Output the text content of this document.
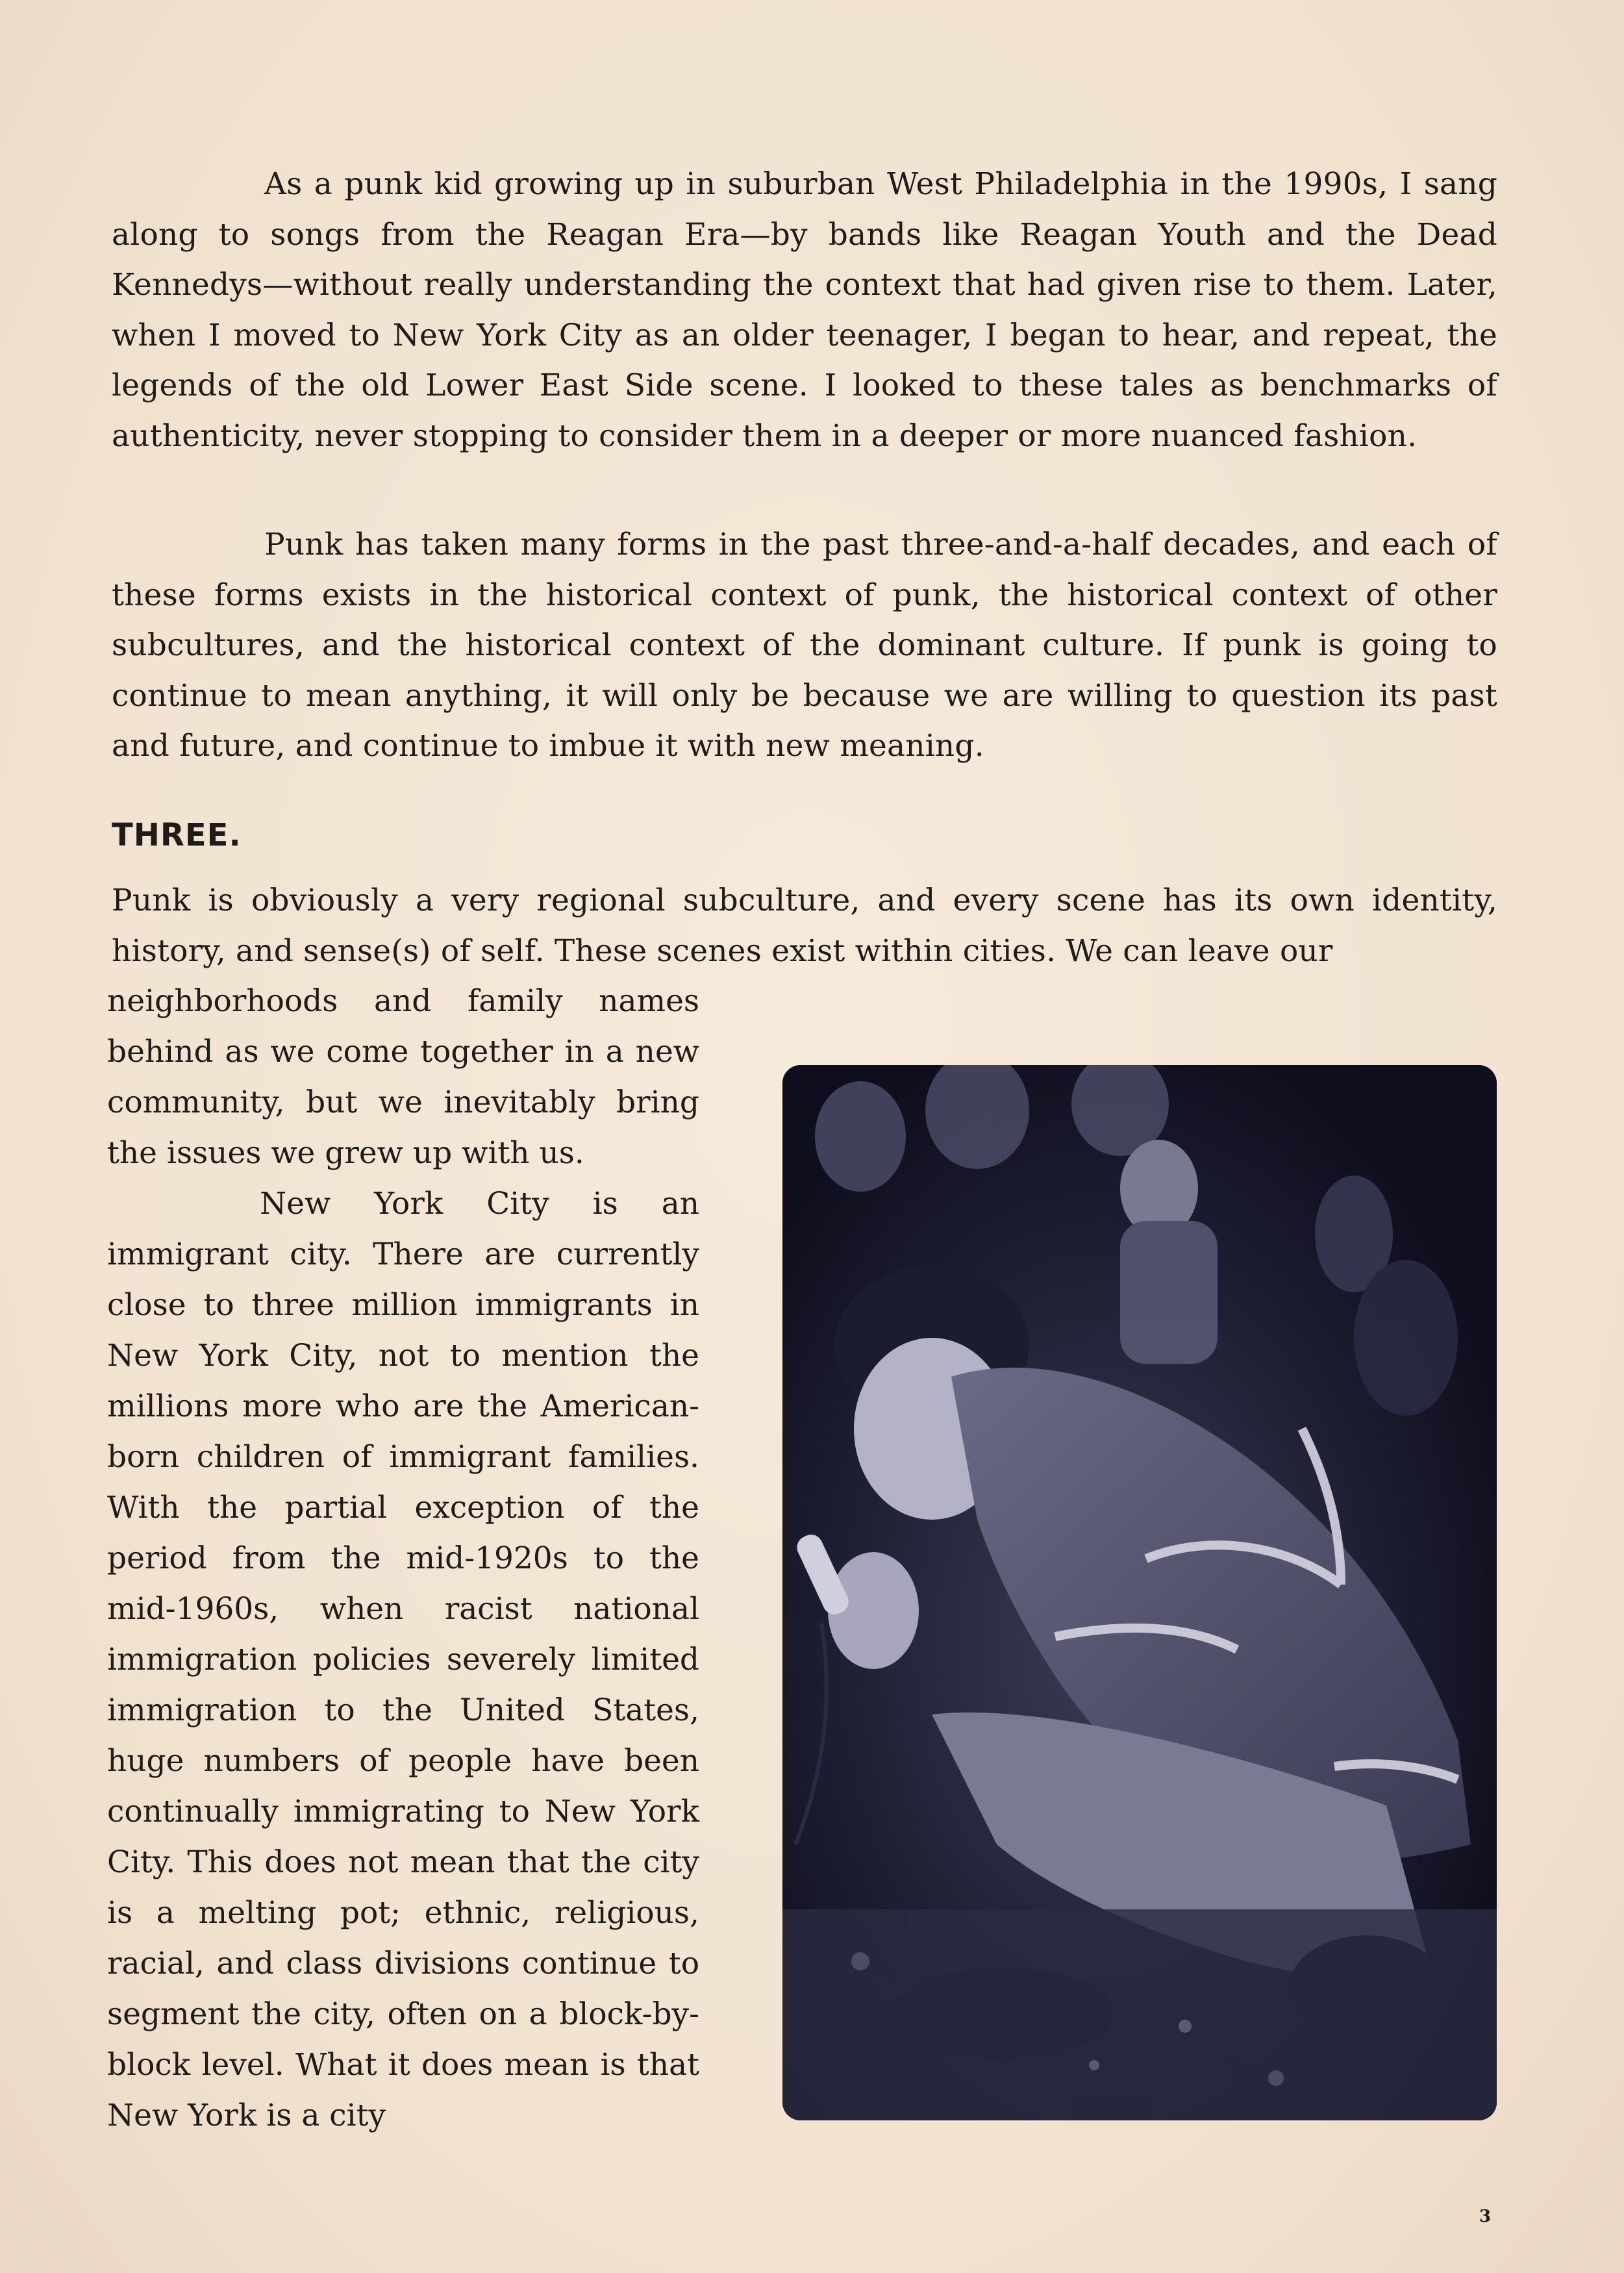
As a punk kid growing up in suburban West Philadelphia in the 1990s, I sang along to songs from the Reagan Era—by bands like Reagan Youth and the Dead Kennedys—without really understanding the context that had given rise to them. Later, when I moved to New York City as an older teenager, I began to hear, and repeat, the legends of the old Lower East Side scene. I looked to these tales as benchmarks of authenticity, never stopping to consider them in a deeper or more nuanced fashion.

Punk has taken many forms in the past three-and-a-half decades, and each of these forms exists in the historical context of punk, the historical context of other subcultures, and the historical context of the dominant culture. If punk is going to continue to mean anything, it will only be because we are willing to question its past and future, and continue to imbue it with new meaning.

THREE.

Punk is obviously a very regional subculture, and every scene has its own identity, history, and sense(s) of self. These scenes exist within cities. We can leave our

neighborhoods and family names behind as we come together in a new community, but we inevitably bring the issues we grew up with us.

New York City is an immigrant city. There are currently close to three million immigrants in New York City, not to mention the millions more who are the American-born children of immigrant families. With the partial exception of the period from the mid-1920s to the mid-1960s, when racist national immigration policies severely limited immigration to the United States, huge numbers of people have been continually immigrating to New York City. This does not mean that the city is a melting pot; ethnic, religious, racial, and class divisions continue to segment the city, often on a block-by-block level. What it does mean is that New York is a city

3
